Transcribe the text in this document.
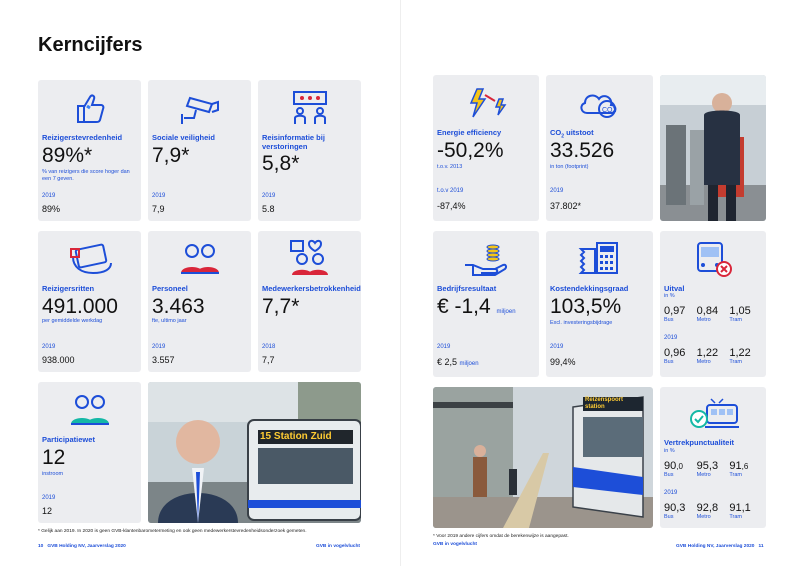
Kerncijfers
Reizigerstevredenheid
89%*
% van reizigers die score hoger dan een 7 geven.
2019
89%
Sociale veiligheid
7,9*
2019
7,9
Reisinformatie bij verstoringen
5,8*
2019
5.8
Reizigersritten
491.000
per gemiddelde werkdag
2019
938.000
Personeel
3.463
fte, ultimo jaar
2019
3.557
Medewerkersbetrokkenheid
7,7*
2018
7,7
Participatiewet
12
instroom
2019
12
15 Station Zuid
Energie efficiency
-50,2%
t.o.v. 2013
t.o.v 2019
-87,4%
CO2
$CO_2$ uitstoot
33.526
in ton (footprint)
2019
37.802*
Bedrijfsresultaat
€ -1,4 miljoen
2019
€ 2,5 miljoen
Kostendekkingsgraad
103,5%
Excl. investeringsbijdrage
2019
99,4%
Uitval
in %
0,97
Bus
0,84
Metro
1,05
Tram
2019
0,96
Bus
1,22
Metro
1,22
Tram
Reizenspoort station
Vertrekpunctualiteit
in %
90,0
Bus
95,3
Metro
91,6
Tram
2019
90,3
Bus
92,8
Metro
91,1
Tram
* Gelijk aan 2019. In 2020 is geen GVB-klantenbarometermeting en ook geen medewerkerstevredenheidsonderzoek gemeten.
10 GVB Holding NV, Jaarverslag 2020	GVB in vogelvlucht
* Voor 2019 andere cijfers omdat de berekenwijze is aangepast.
GVB in vogelvlucht	GVB Holding NV, Jaarverslag 2020 11
